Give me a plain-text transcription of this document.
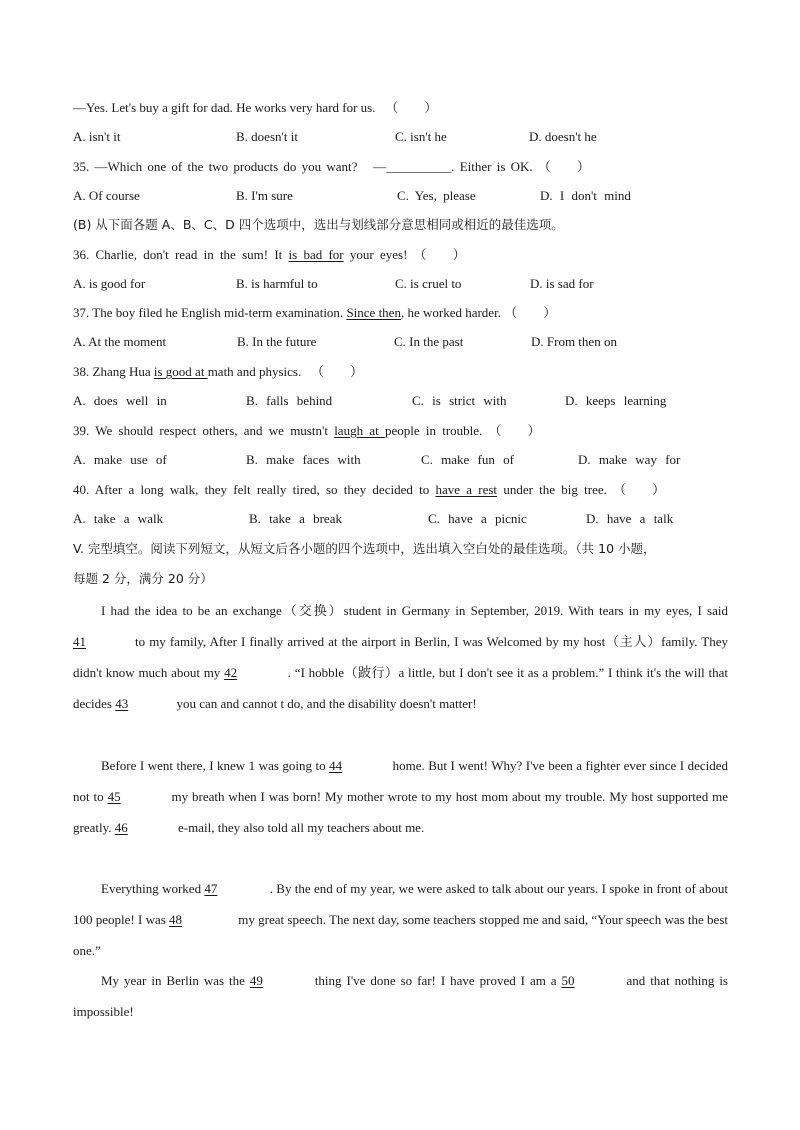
—Yes. Let's buy a gift for dad. He works very hard for us. （　　）
A. isn't it	B. doesn't it	C. isn't he	D. doesn't he
35. —Which one of the two products do you want?   —__________. Either is OK. （　　）
A. Of course	B. I'm sure	C. Yes, please	D. I don't mind
(B) 从下面各题 A、B、C、D 四个选项中，选出与划线部分意思相同或相近的最佳选项。
36. Charlie, don't read in the sum! It is bad for your eyes! （　　）
A. is good for	B. is harmful to	C. is cruel to	D. is sad for
37. The boy filed he English mid-term examination. Since then, he worked harder. （　　）
A. At the moment	B. In the future	C. In the past	D. From then on
38. Zhang Hua is good at math and physics. （　　）
A. does well in	B. falls behind	C. is strict with	D. keeps learning
39. We should respect others, and we mustn't laugh at people in trouble. （　　）
A. make use of	B. make faces with	C. make fun of	D. make way for
40. After a long walk, they felt really tired, so they decided to have a rest under the big tree. （　　）
A. take a walk	B. take a break	C. have a picnic	D. have a talk
V. 完型填空。阅读下列短文，从短文后各小题的四个选项中，选出填入空白处的最佳选项。（共 10 小题，
每题 2 分，满分 20 分）
I had the idea to be an exchange（交换）student in Germany in September, 2019. With tears in my eyes, I said 41	to my family, After I finally arrived at the airport in Berlin, I was Welcomed by my host（主人）family. They didn't know much about my 42	. “I hobble（跛行）a little, but I don't see it as a problem.” I think it's the will that decides 43	you can and cannot t do, and the disability doesn't matter!
Before I went there, I knew 1 was going to 44	home. But I went! Why? I've been a fighter ever since I decided not to 45	my breath when I was born! My mother wrote to my host mom about my trouble. My host supported me greatly. 46	e-mail, they also told all my teachers about me.
Everything worked 47	. By the end of my year, we were asked to talk about our years. I spoke in front of about 100 people! I was 48	my great speech. The next day, some teachers stopped me and said, “Your speech was the best one.”
My year in Berlin was the 49	thing I've done so far! I have proved I am a 50	and that nothing is impossible!
